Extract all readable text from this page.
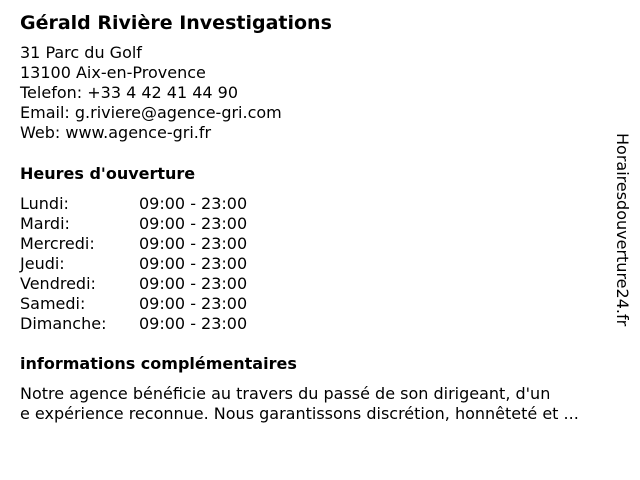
Gérald Rivière Investigations
31 Parc du Golf
13100 Aix-en-Provence
Telefon: +33 4 42 41 44 90
Email: g.riviere@agence-gri.com
Web: www.agence-gri.fr
Heures d'ouverture
Lundi:	09:00 - 23:00
Mardi:	09:00 - 23:00
Mercredi:	09:00 - 23:00
Jeudi:	09:00 - 23:00
Vendredi:	09:00 - 23:00
Samedi:	09:00 - 23:00
Dimanche:	09:00 - 23:00
informations complémentaires
Notre agence bénéficie au travers du passé de son dirigeant, d'un
e expérience reconnue. Nous garantissons discrétion, honnêteté et ...
Horairesdouverture24.fr
